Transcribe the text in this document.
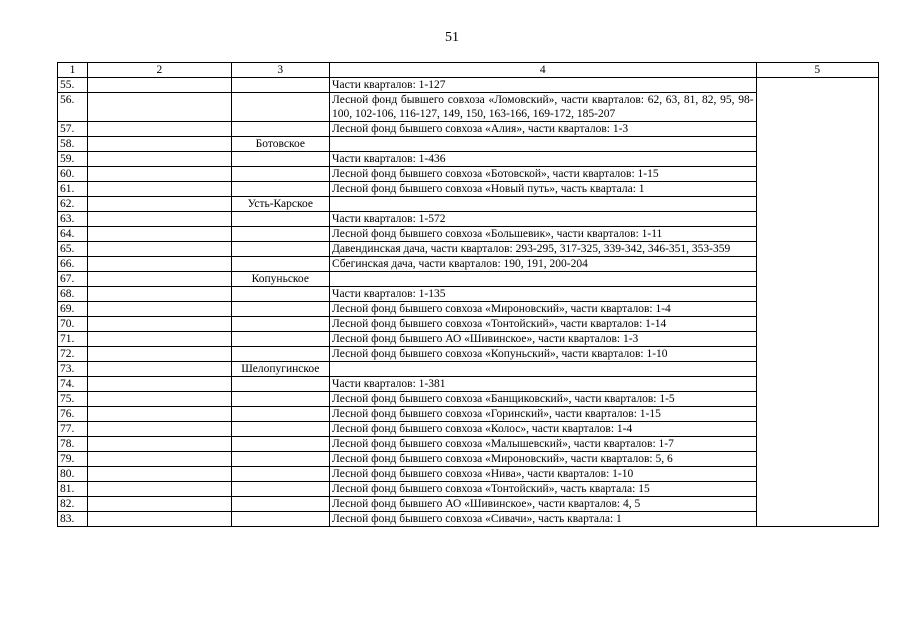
51
1	2	3	4	5
55.			Части кварталов: 1-127	
56.			Лесной фонд бывшего совхоза «Ломовский», части кварталов: 62, 63, 81, 82, 95, 98-100, 102-106, 116-127, 149, 150, 163-166, 169-172, 185-207	
57.			Лесной фонд бывшего совхоза «Алия», части кварталов: 1-3	
58.		Ботовское		
59.			Части кварталов: 1-436	
60.			Лесной фонд бывшего совхоза «Ботовской», части кварталов: 1-15	
61.			Лесной фонд бывшего совхоза «Новый путь», часть квартала: 1	
62.		Усть-Карское		
63.			Части кварталов: 1-572	
64.			Лесной фонд бывшего совхоза «Большевик», части кварталов: 1-11	
65.			Давендинская дача, части кварталов: 293-295, 317-325, 339-342, 346-351, 353-359	
66.			Сбегинская дача, части кварталов: 190, 191, 200-204	
67.		Копуньское		
68.			Части кварталов: 1-135	
69.			Лесной фонд бывшего совхоза «Мироновский», части кварталов: 1-4	
70.			Лесной фонд бывшего совхоза «Тонтойский», части кварталов: 1-14	
71.			Лесной фонд бывшего АО «Шивинское», части кварталов: 1-3	
72.			Лесной фонд бывшего совхоза «Копуньский», части кварталов: 1-10	
73.		Шелопугинское		
74.			Части кварталов: 1-381	
75.			Лесной фонд бывшего совхоза «Банщиковский», части кварталов: 1-5	
76.			Лесной фонд бывшего совхоза «Горинский», части кварталов: 1-15	
77.			Лесной фонд бывшего совхоза «Колос», части кварталов: 1-4	
78.			Лесной фонд бывшего совхоза «Малышевский», части кварталов: 1-7	
79.			Лесной фонд бывшего совхоза «Мироновский», части кварталов: 5, 6	
80.			Лесной фонд бывшего совхоза «Нива», части кварталов: 1-10	
81.			Лесной фонд бывшего совхоза «Тонтойский», часть квартала: 15	
82.			Лесной фонд бывшего АО «Шивинское», части кварталов: 4, 5	
83.			Лесной фонд бывшего совхоза «Сивачи», часть квартала: 1	
